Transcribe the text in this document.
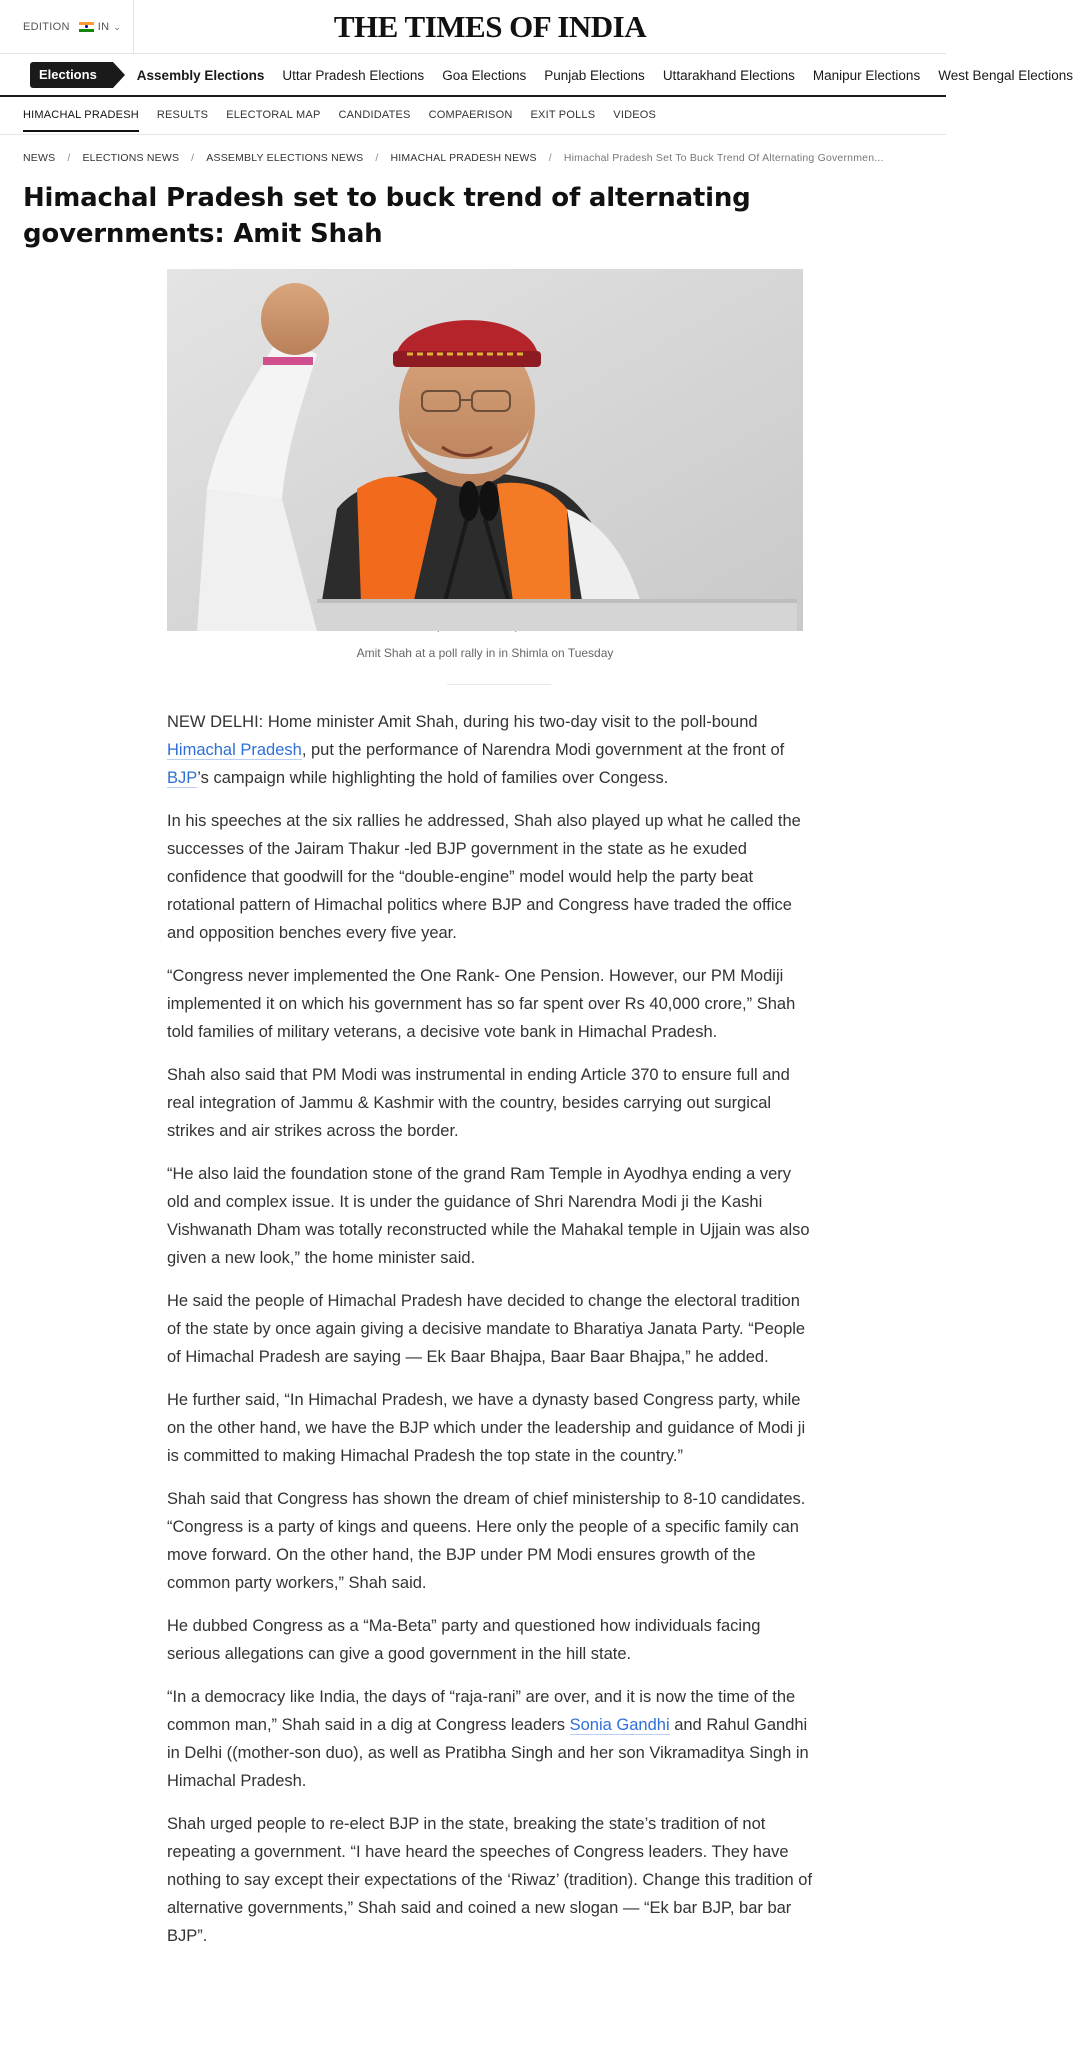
EDITION	IN ⌄	THE TIMES OF INDIA
Elections	Assembly Elections Uttar Pradesh Elections Goa Elections Punjab Elections Uttarakhand Elections Manipur Elections West Bengal Elections
HIMACHAL PRADESH RESULTS ELECTORAL MAP CANDIDATES COMPAERISON EXIT POLLS VIDEOS
NEWS / ELECTIONS NEWS / ASSEMBLY ELECTIONS NEWS / HIMACHAL PRADESH NEWS / Himachal Pradesh Set To Buck Trend Of Alternating Governmen...
Himachal Pradesh set to buck trend of alternating
governments: Amit Shah
Amit Shah at a poll rally in in Shimla on Tuesday

NEW DELHI: Home minister Amit Shah, during his two-day visit to the poll-bound Himachal Pradesh, put the performance of Narendra Modi government at the front of BJP’s campaign while highlighting the hold of families over Congess.

In his speeches at the six rallies he addressed, Shah also played up what he called the successes of the Jairam Thakur -led BJP government in the state as he exuded confidence that goodwill for the “double-engine” model would help the party beat rotational pattern of Himachal politics where BJP and Congress have traded the office and opposition benches every five year.

“Congress never implemented the One Rank- One Pension. However, our PM Modiji implemented it on which his government has so far spent over Rs 40,000 crore,” Shah told families of military veterans, a decisive vote bank in Himachal Pradesh.

Shah also said that PM Modi was instrumental in ending Article 370 to ensure full and real integration of Jammu & Kashmir with the country, besides carrying out surgical strikes and air strikes across the border.

“He also laid the foundation stone of the grand Ram Temple in Ayodhya ending a very old and complex issue. It is under the guidance of Shri Narendra Modi ji the Kashi Vishwanath Dham was totally reconstructed while the Mahakal temple in Ujjain was also given a new look,” the home minister said.

He said the people of Himachal Pradesh have decided to change the electoral tradition of the state by once again giving a decisive mandate to Bharatiya Janata Party. “People of Himachal Pradesh are saying — Ek Baar Bhajpa, Baar Baar Bhajpa,” he added.

He further said, “In Himachal Pradesh, we have a dynasty based Congress party, while on the other hand, we have the BJP which under the leadership and guidance of Modi ji is committed to making Himachal Pradesh the top state in the country.”

Shah said that Congress has shown the dream of chief ministership to 8-10 candidates. “Congress is a party of kings and queens. Here only the people of a specific family can move forward. On the other hand, the BJP under PM Modi ensures growth of the common party workers,” Shah said.

He dubbed Congress as a “Ma-Beta” party and questioned how individuals facing serious allegations can give a good government in the hill state.

“In a democracy like India, the days of “raja-rani” are over, and it is now the time of the common man,” Shah said in a dig at Congress leaders Sonia Gandhi and Rahul Gandhi in Delhi ((mother-son duo), as well as Pratibha Singh and her son Vikramaditya Singh in Himachal Pradesh.

Shah urged people to re-elect BJP in the state, breaking the state’s tradition of not repeating a government. “I have heard the speeches of Congress leaders. They have nothing to say except their expectations of the ‘Riwaz’ (tradition). Change this tradition of alternative governments,” Shah said and coined a new slogan — “Ek bar BJP, bar bar BJP”.
